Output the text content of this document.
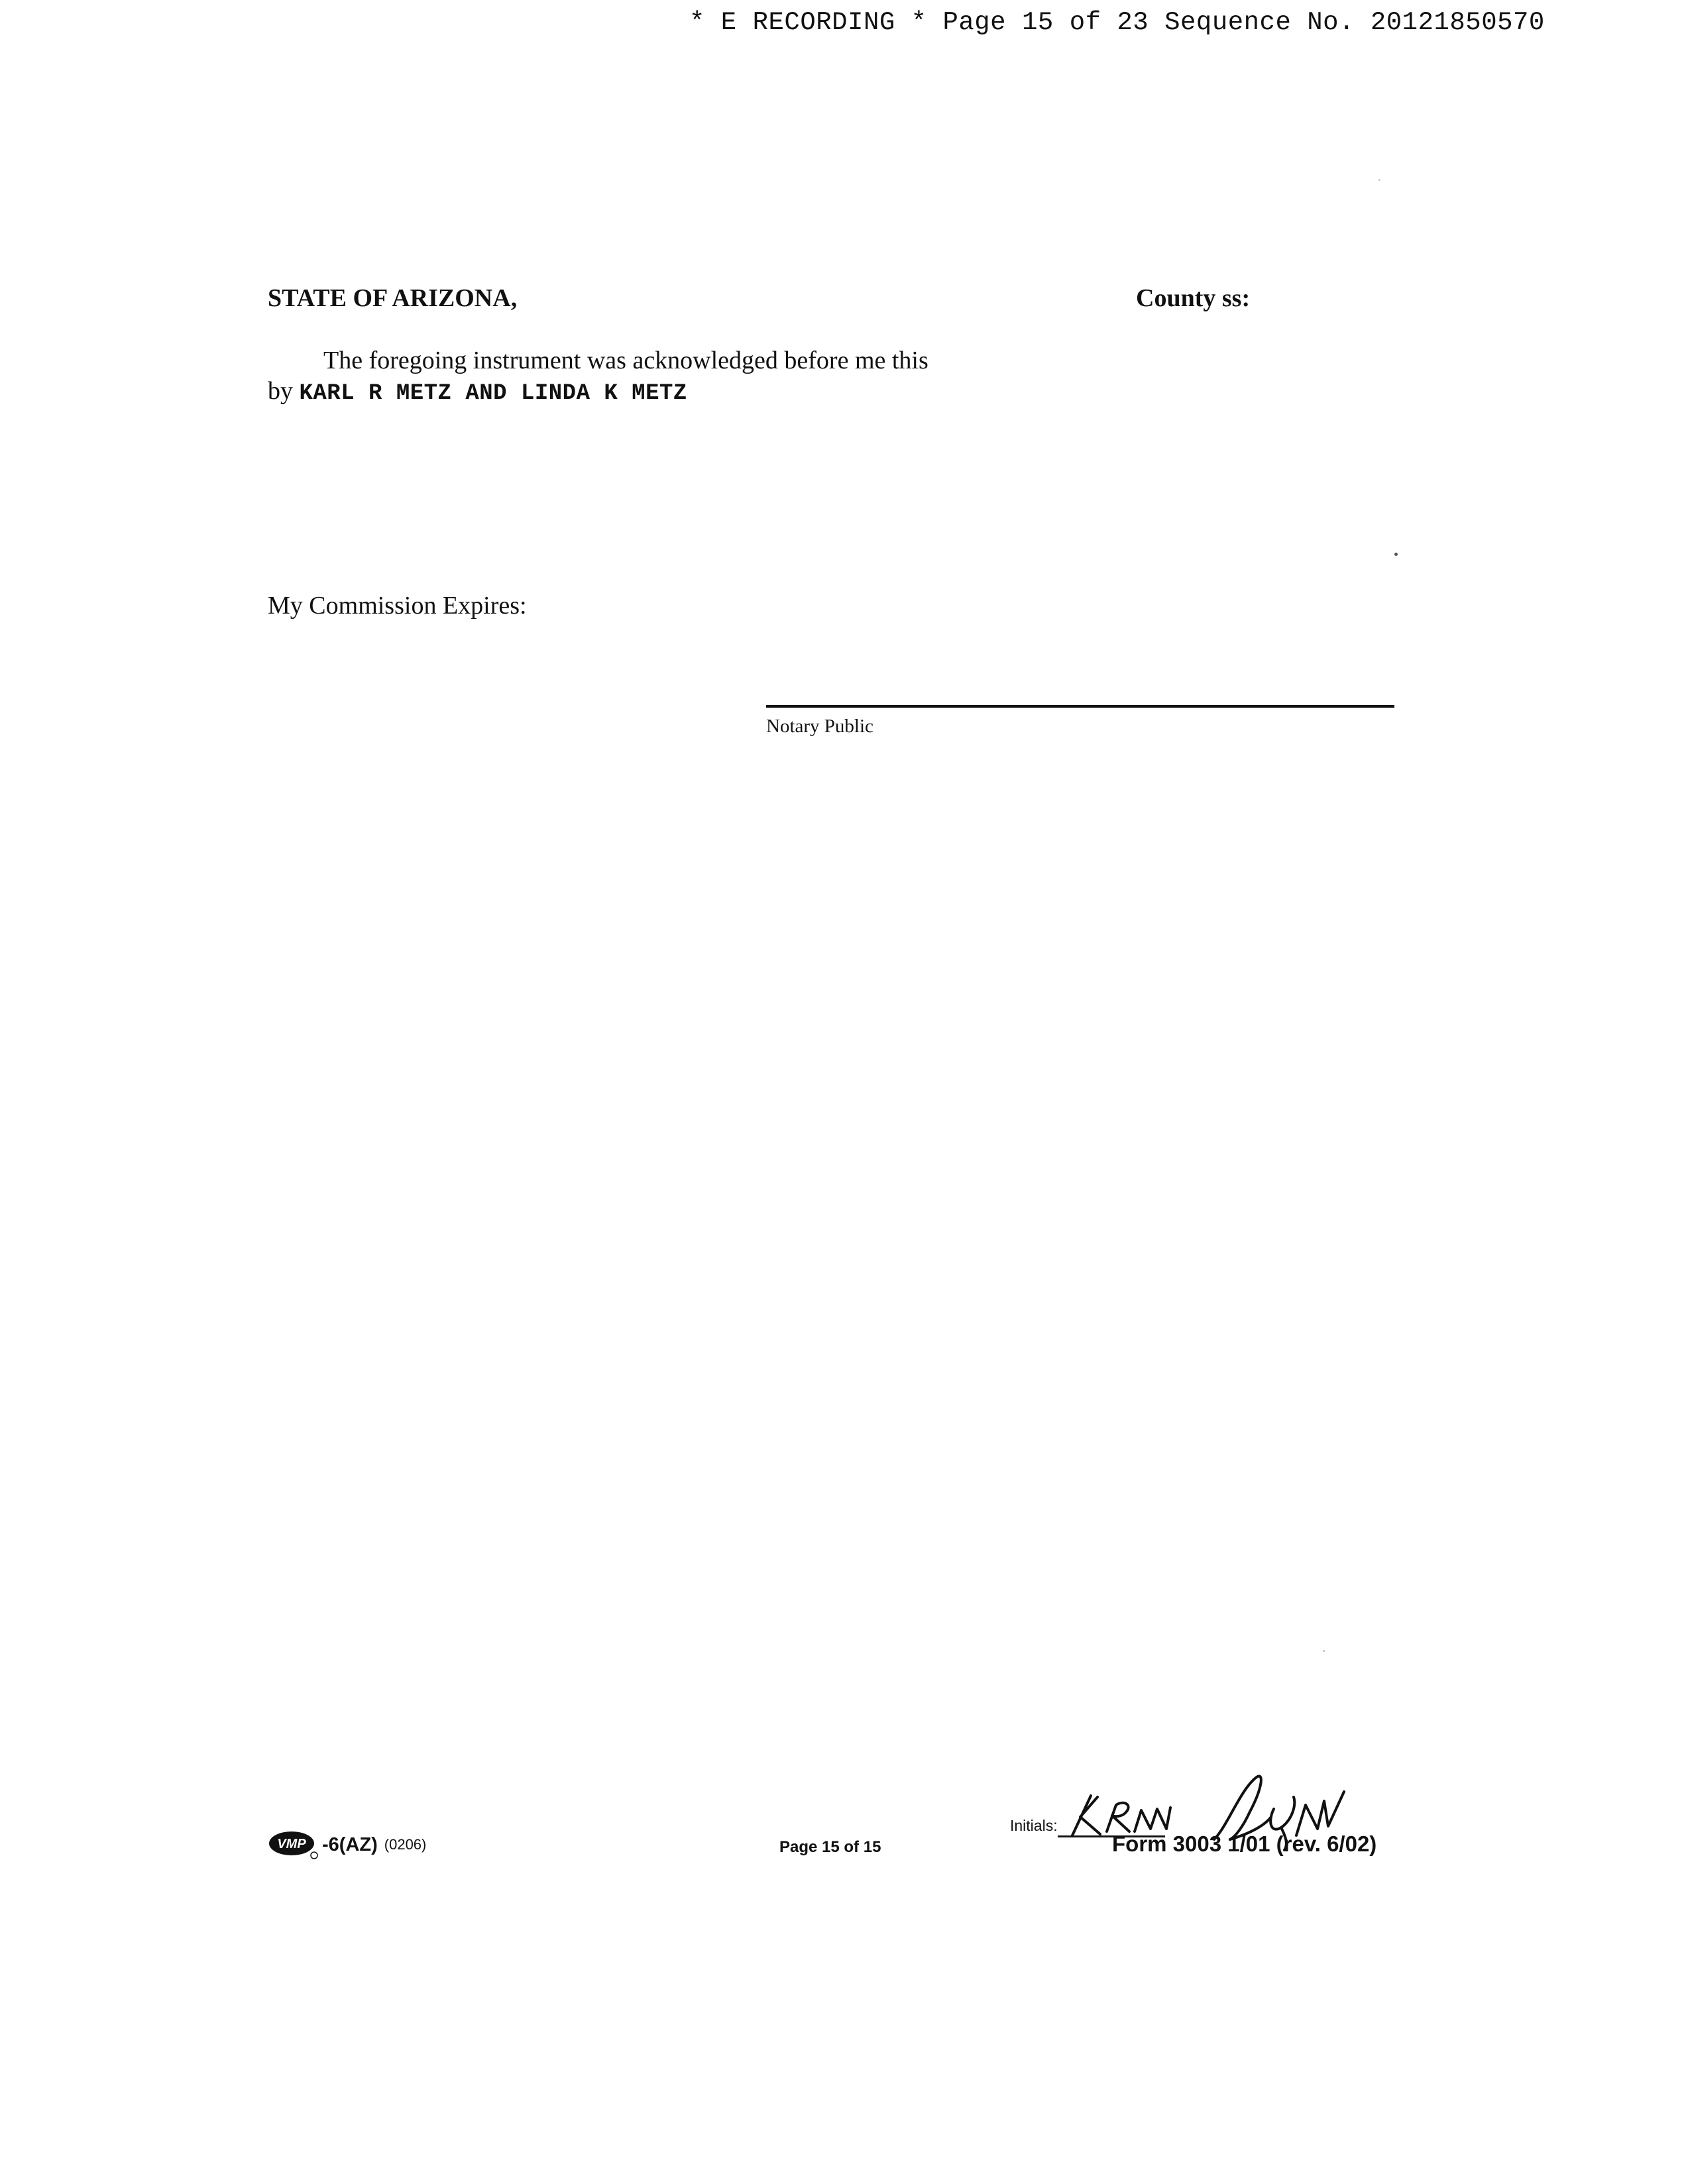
* E RECORDING * Page 15 of 23 Sequence No. 20121850570
STATE OF ARIZONA,	County ss:
The foregoing instrument was acknowledged before me this
by KARL R METZ AND LINDA K METZ
My Commission Expires:
Notary Public
VMP -6(AZ) (0206)	Page 15 of 15
Initials:
Form 3003 1/01 (rev. 6/02)
